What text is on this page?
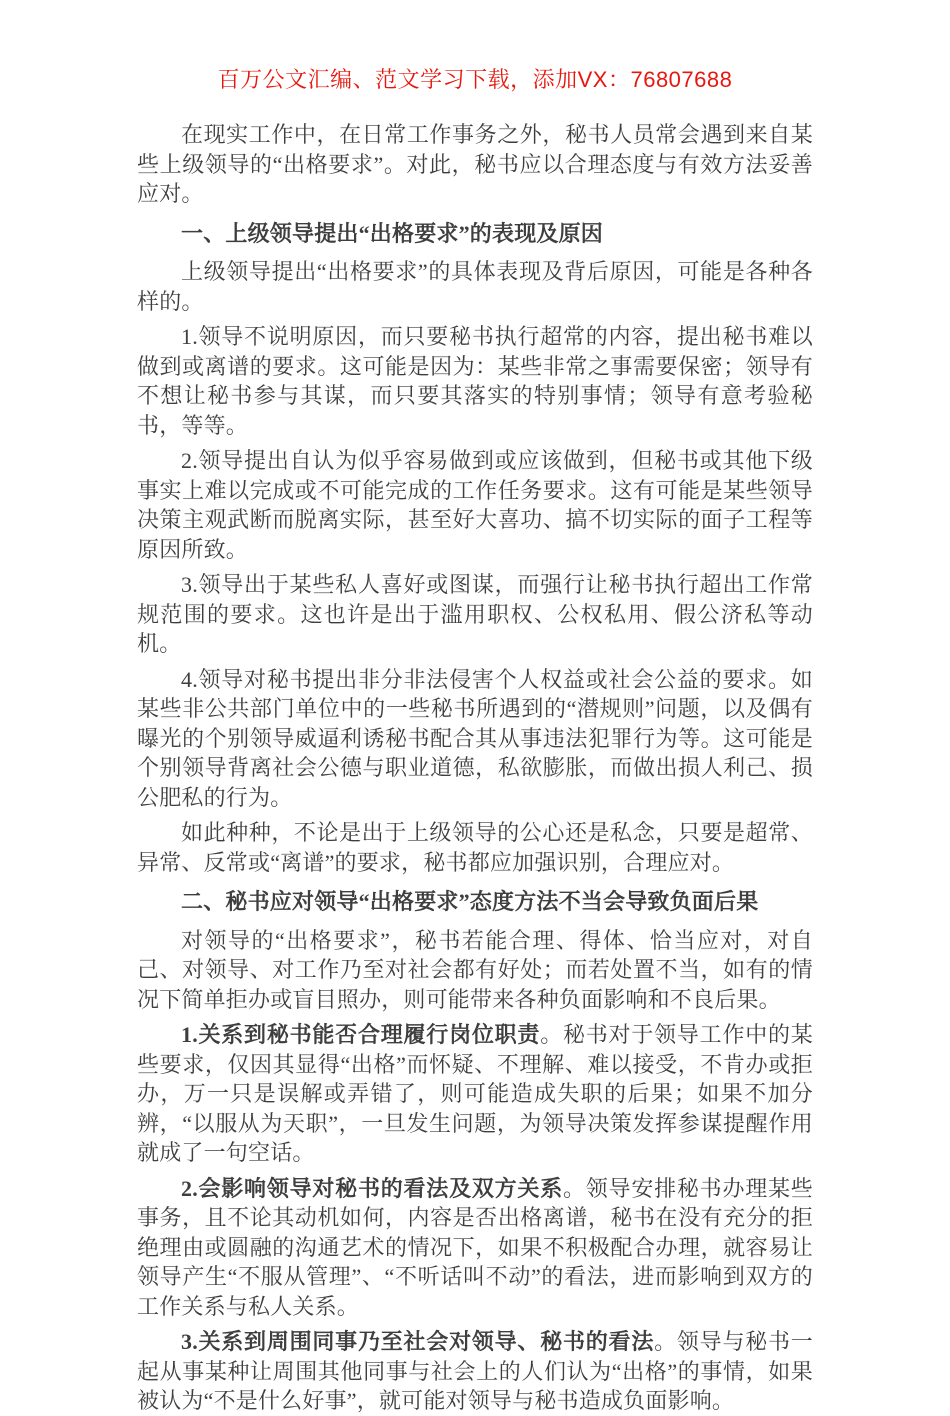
百万公文汇编、范文学习下载，添加VX：76807688

在现实工作中，在日常工作事务之外，秘书人员常会遇到来自某些上级领导的“出格要求”。对此，秘书应以合理态度与有效方法妥善应对。

一、上级领导提出“出格要求”的表现及原因

上级领导提出“出格要求”的具体表现及背后原因，可能是各种各样的。

1.领导不说明原因，而只要秘书执行超常的内容，提出秘书难以做到或离谱的要求。这可能是因为：某些非常之事需要保密；领导有不想让秘书参与其谋，而只要其落实的特别事情；领导有意考验秘书，等等。

2.领导提出自认为似乎容易做到或应该做到，但秘书或其他下级事实上难以完成或不可能完成的工作任务要求。这有可能是某些领导决策主观武断而脱离实际，甚至好大喜功、搞不切实际的面子工程等原因所致。

3.领导出于某些私人喜好或图谋，而强行让秘书执行超出工作常规范围的要求。这也许是出于滥用职权、公权私用、假公济私等动机。

4.领导对秘书提出非分非法侵害个人权益或社会公益的要求。如某些非公共部门单位中的一些秘书所遇到的“潜规则”问题，以及偶有曝光的个别领导威逼利诱秘书配合其从事违法犯罪行为等。这可能是个别领导背离社会公德与职业道德，私欲膨胀，而做出损人利己、损公肥私的行为。

如此种种，不论是出于上级领导的公心还是私念，只要是超常、异常、反常或“离谱”的要求，秘书都应加强识别，合理应对。

二、秘书应对领导“出格要求”态度方法不当会导致负面后果

对领导的“出格要求”，秘书若能合理、得体、恰当应对，对自己、对领导、对工作乃至对社会都有好处；而若处置不当，如有的情况下简单拒办或盲目照办，则可能带来各种负面影响和不良后果。

1.关系到秘书能否合理履行岗位职责。秘书对于领导工作中的某些要求，仅因其显得“出格”而怀疑、不理解、难以接受，不肯办或拒办，万一只是误解或弄错了，则可能造成失职的后果；如果不加分辨，“以服从为天职”，一旦发生问题，为领导决策发挥参谋提醒作用就成了一句空话。

2.会影响领导对秘书的看法及双方关系。领导安排秘书办理某些事务，且不论其动机如何，内容是否出格离谱，秘书在没有充分的拒绝理由或圆融的沟通艺术的情况下，如果不积极配合办理，就容易让领导产生“不服从管理”、“不听话叫不动”的看法，进而影响到双方的工作关系与私人关系。

3.关系到周围同事乃至社会对领导、秘书的看法。领导与秘书一起从事某种让周围其他同事与社会上的人们认为“出格”的事情，如果被认为“不是什么好事”，就可能对领导与秘书造成负面影响。
